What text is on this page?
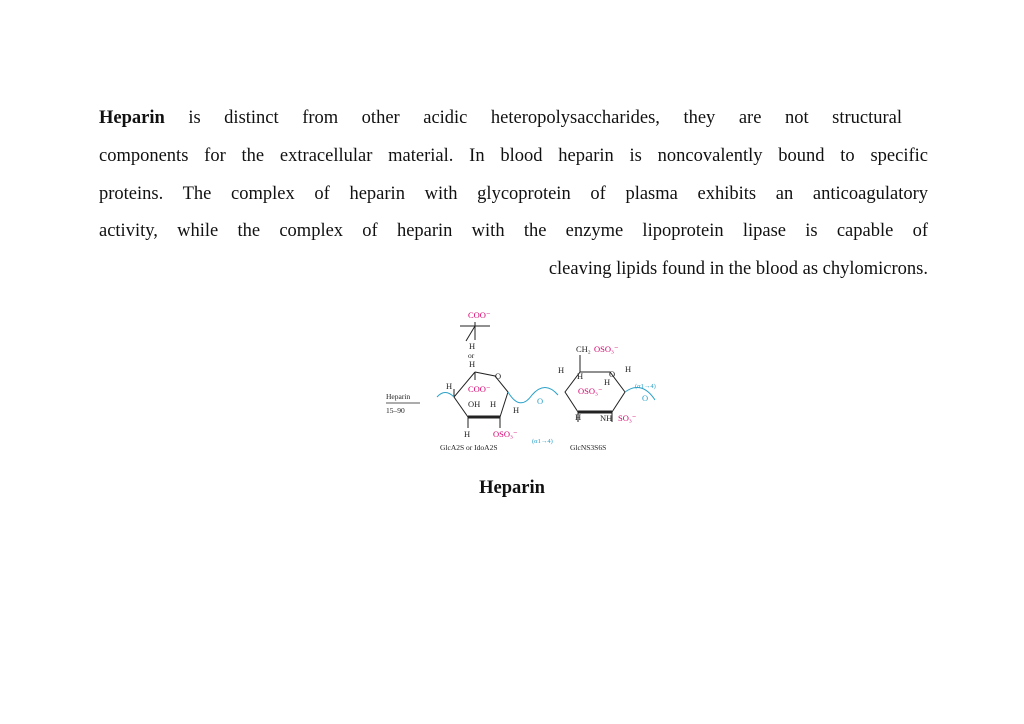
Heparin is distinct from other acidic heteropolysaccharides, they are not structural
components for the extracellular material. In blood heparin is noncovalently bound to specific
proteins. The complex of heparin with glycoprotein of plasma exhibits an anticoagulatory
activity, while the complex of heparin with the enzyme lipoprotein lipase is capable of
cleaving lipids found in the blood as chylomicrons.
COO⁻
H
or
H
O
H COO⁻
OH H
H
H	OSO₃⁻
(α1→4)
Heparin
15–90
O
CH₂ OSO₃⁻
O
H
H
H
H
OSO₃⁻	(α1→4)
O
H NH SO₃⁻
GlcA2S or IdoA2S	GlcNS3S6S
Heparin
